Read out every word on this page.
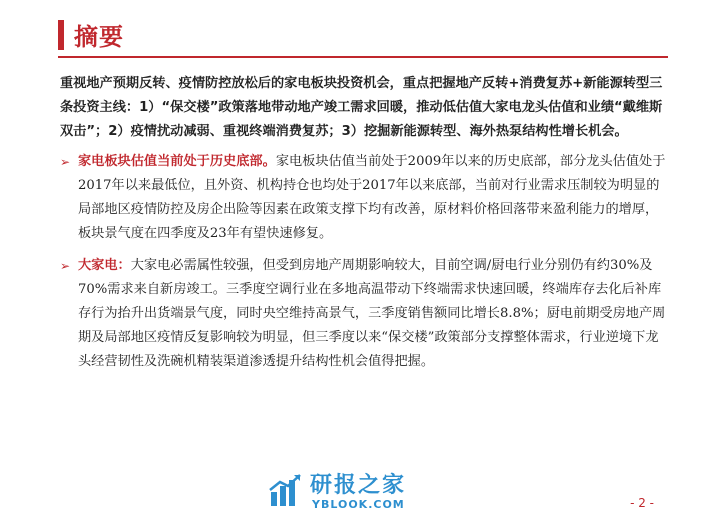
摘要

重视地产预期反转、疫情防控放松后的家电板块投资机会，重点把握地产反转+消费复苏+新能源转型三条投资主线：1）“保交楼”政策落地带动地产竣工需求回暖，推动低估值大家电龙头估值和业绩“戴维斯双击”；2）疫情扰动减弱、重视终端消费复苏；3）挖掘新能源转型、海外热泵结构性增长机会。

➢ 家电板块估值当前处于历史底部。家电板块估值当前处于2009年以来的历史底部，部分龙头估值处于2017年以来最低位，且外资、机构持仓也均处于2017年以来底部，当前对行业需求压制较为明显的局部地区疫情防控及房企出险等因素在政策支撑下均有改善，原材料价格回落带来盈利能力的增厚，板块景气度在四季度及23年有望快速修复。

➢ 大家电：大家电必需属性较强，但受到房地产周期影响较大，目前空调/厨电行业分别仍有约30%及70%需求来自新房竣工。三季度空调行业在多地高温带动下终端需求快速回暖，终端库存去化后补库存行为抬升出货端景气度，同时央空维持高景气，三季度销售额同比增长8.8%；厨电前期受房地产周期及局部地区疫情反复影响较为明显，但三季度以来“保交楼”政策部分支撑整体需求，行业逆境下龙头经营韧性及洗碗机精装渠道渗透提升结构性机会值得把握。

研报之家
YBLOOK.COM	- 2 -
